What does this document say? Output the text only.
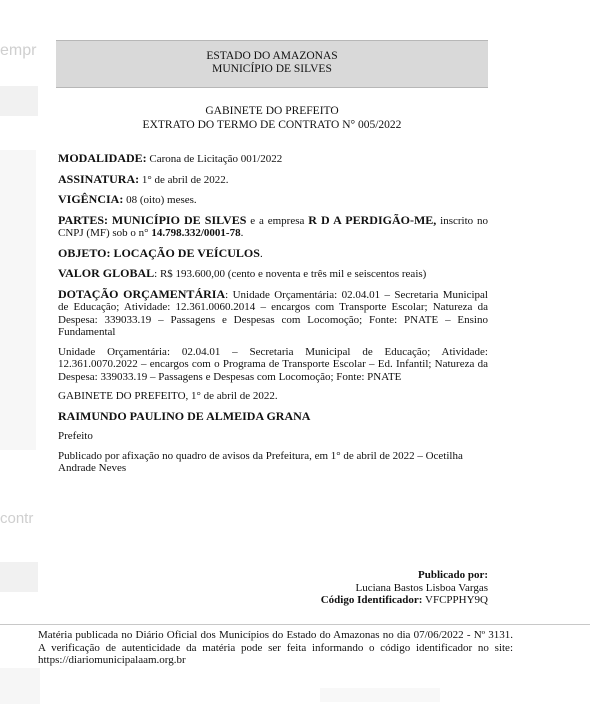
empr
contr
ESTADO DO AMAZONAS
MUNICÍPIO DE SILVES
GABINETE DO PREFEITO
EXTRATO DO TERMO DE CONTRATO N° 005/2022

MODALIDADE: Carona de Licitação 001/2022

ASSINATURA: 1° de abril de 2022.

VIGÊNCIA: 08 (oito) meses.

PARTES: MUNICÍPIO DE SILVES e a empresa R D A PERDIGÃO-ME, inscrito no CNPJ (MF) sob o n° 14.798.332/0001-78.

OBJETO: LOCAÇÃO DE VEÍCULOS.

VALOR GLOBAL: R$ 193.600,00 (cento e noventa e três mil e seiscentos reais)

DOTAÇÃO ORÇAMENTÁRIA: Unidade Orçamentária: 02.04.01 – Secretaria Municipal de Educação; Atividade: 12.361.0060.2014 – encargos com Transporte Escolar; Natureza da Despesa: 339033.19 – Passagens e Despesas com Locomoção; Fonte: PNATE – Ensino Fundamental

Unidade Orçamentária: 02.04.01 – Secretaria Municipal de Educação; Atividade: 12.361.0070.2022 – encargos com o Programa de Transporte Escolar – Ed. Infantil; Natureza da Despesa: 339033.19 – Passagens e Despesas com Locomoção; Fonte: PNATE

GABINETE DO PREFEITO, 1° de abril de 2022.

RAIMUNDO PAULINO DE ALMEIDA GRANA

Prefeito

Publicado por afixação no quadro de avisos da Prefeitura, em 1° de abril de 2022 – Ocetilha Andrade Neves

Publicado por:
Luciana Bastos Lisboa Vargas
Código Identificador: VFCPPHY9Q
Matéria publicada no Diário Oficial dos Municípios do Estado do Amazonas no dia 07/06/2022 - Nº 3131. A verificação de autenticidade da matéria pode ser feita informando o código identificador no site: https://diariomunicipalaam.org.br
